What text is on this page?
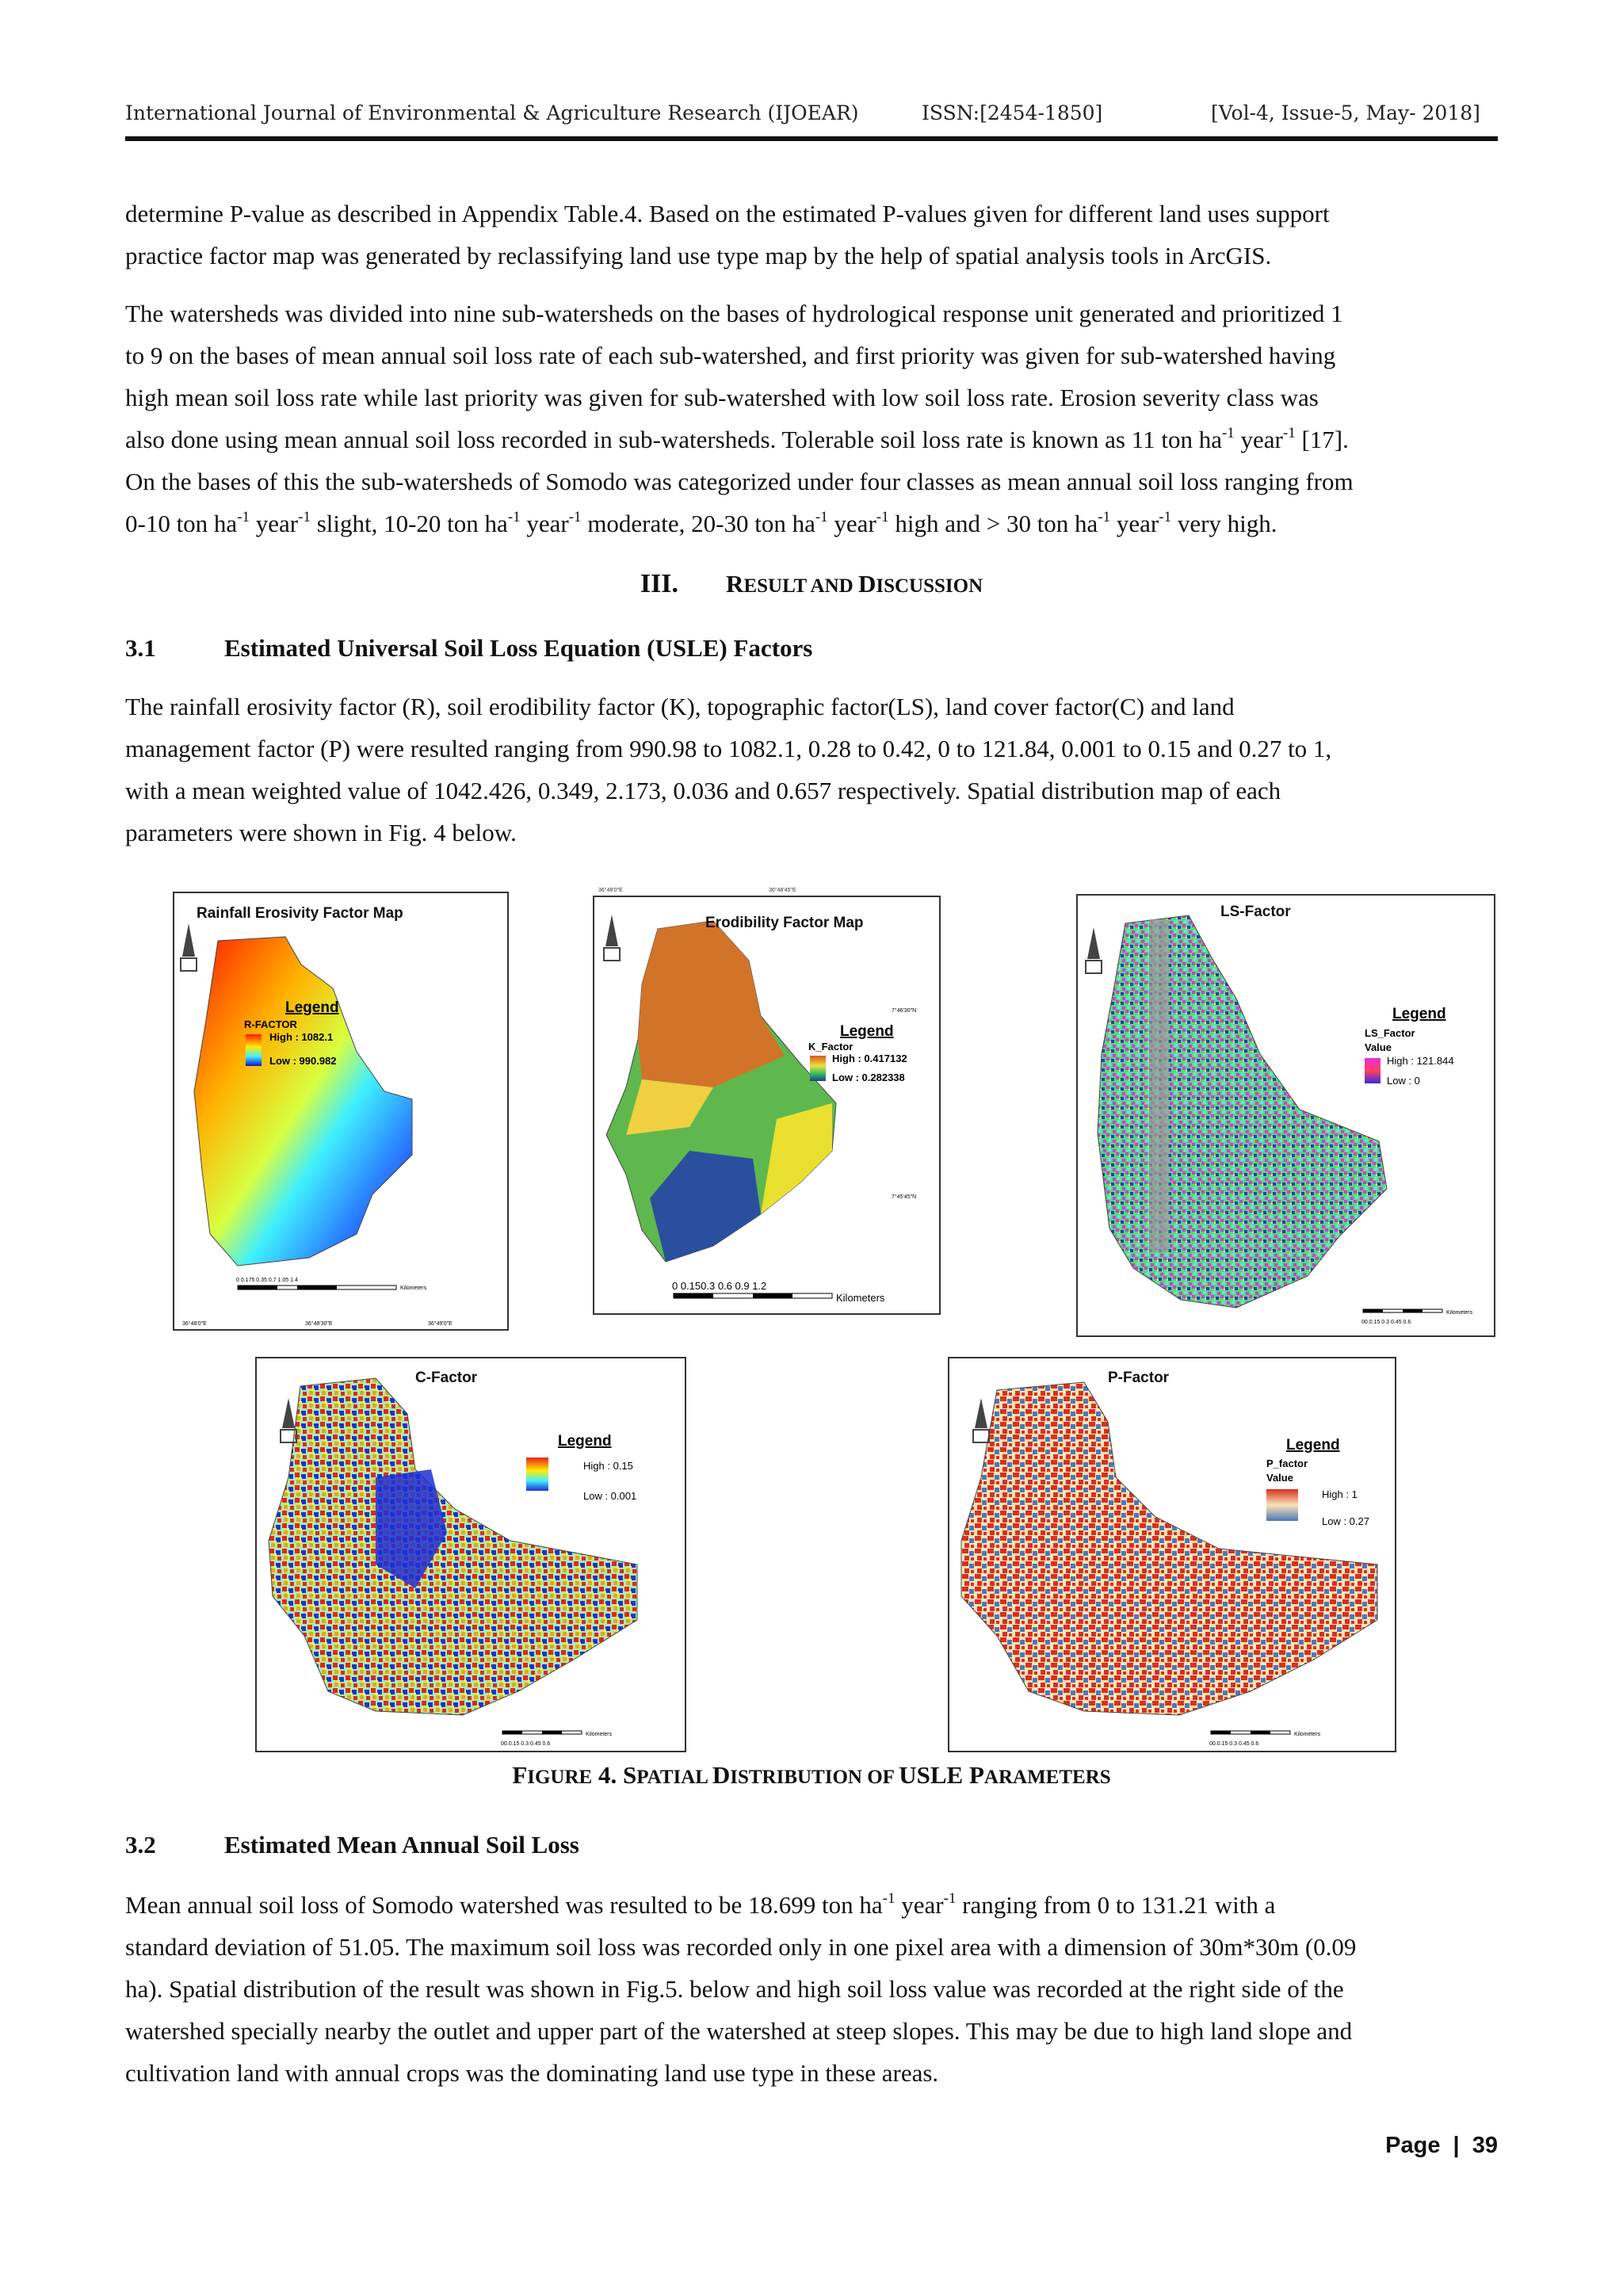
International Journal of Environmental & Agriculture Research (IJOEAR)	ISSN:[2454-1850]	[Vol-4, Issue-5, May- 2018]
determine P-value as described in Appendix Table.4. Based on the estimated P-values given for different land uses support
practice factor map was generated by reclassifying land use type map by the help of spatial analysis tools in ArcGIS.
The watersheds was divided into nine sub-watersheds on the bases of hydrological response unit generated and prioritized 1
to 9 on the bases of mean annual soil loss rate of each sub-watershed, and first priority was given for sub-watershed having
high mean soil loss rate while last priority was given for sub-watershed with low soil loss rate. Erosion severity class was
also done using mean annual soil loss recorded in sub-watersheds. Tolerable soil loss rate is known as 11 ton $ha^{-1}$ year$^{-1}$ [17].
On the bases of this the sub-watersheds of Somodo was categorized under four classes as mean annual soil loss ranging from
0-10 ton $ha^{-1}$ year$^{-1}$ slight, 10-20 ton $ha^{-1}$ year$^{-1}$ moderate, 20-30 ton $ha^{-1}$ year$^{-1}$ high and > 30 ton $ha^{-1}$ year$^{-1}$ very high.
III. RESULT AND DISCUSSION
3.1	Estimated Universal Soil Loss Equation (USLE) Factors
The rainfall erosivity factor (R), soil erodibility factor (K), topographic factor(LS), land cover factor(C) and land
management factor (P) were resulted ranging from 990.98 to 1082.1, 0.28 to 0.42, 0 to 121.84, 0.001 to 0.15 and 0.27 to 1,
with a mean weighted value of 1042.426, 0.349, 2.173, 0.036 and 0.657 respectively. Spatial distribution map of each
parameters were shown in Fig. 4 below.
Legend
R-FACTOR
High : 1082.1
Low : 990.982
0 0.175 0.35 0.7 1.05 1.4
Kilometers
36°48'0"E	36°48'30"E	36°49'0"E
Rainfall Erosivity Factor Map
Legend
K_Factor
High : 0.417132
Low : 0.282338
7°46'30"N
7°45'45"N
0 0.150.3 0.6 0.9 1.2
Kilometers
Erodibility Factor Map
36°48'0"E	36°48'45"E
Legend
LS_Factor
Value
High : 121.844
Low : 0
00.0.15 0.3 0.45 0.6
Kilometers
LS-Factor
Legend
High : 0.15
Low : 0.001
00.0.15 0.3 0.45 0.6
Kilometers
C-Factor
Legend
P_factor
Value
High : 1
Low : 0.27
00.0.15 0.3 0.45 0.6
Kilometers
P-Factor
FIGURE 4. SPATIAL DISTRIBUTION OF USLE PARAMETERS
3.2	Estimated Mean Annual Soil Loss
Mean annual soil loss of Somodo watershed was resulted to be 18.699 ton $ha^{-1}$ year$^{-1}$ ranging from 0 to 131.21 with a
standard deviation of 51.05. The maximum soil loss was recorded only in one pixel area with a dimension of 30m*30m (0.09
ha). Spatial distribution of the result was shown in Fig.5. below and high soil loss value was recorded at the right side of the
watershed specially nearby the outlet and upper part of the watershed at steep slopes. This may be due to high land slope and
cultivation land with annual crops was the dominating land use type in these areas.
Page | 39
